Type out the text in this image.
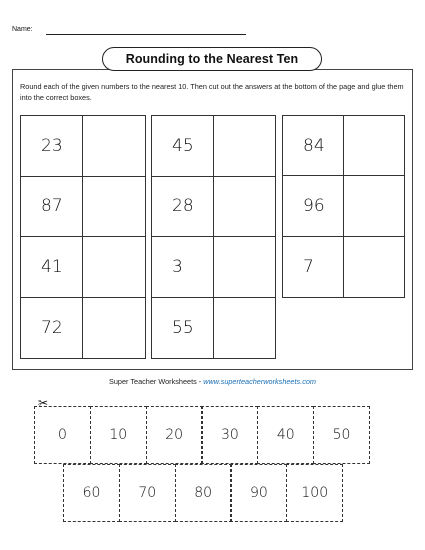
Name:
Rounding to the Nearest Ten
Round each of the given numbers to the nearest 10. Then cut out the answers at the bottom of the page and glue them into the correct boxes.
23
87
41
72
45
28
3
55
84
96
7
Super Teacher Worksheets - www.superteacherworksheets.com
✂
0	10	20	30	40	50
60	70	80	90	100
